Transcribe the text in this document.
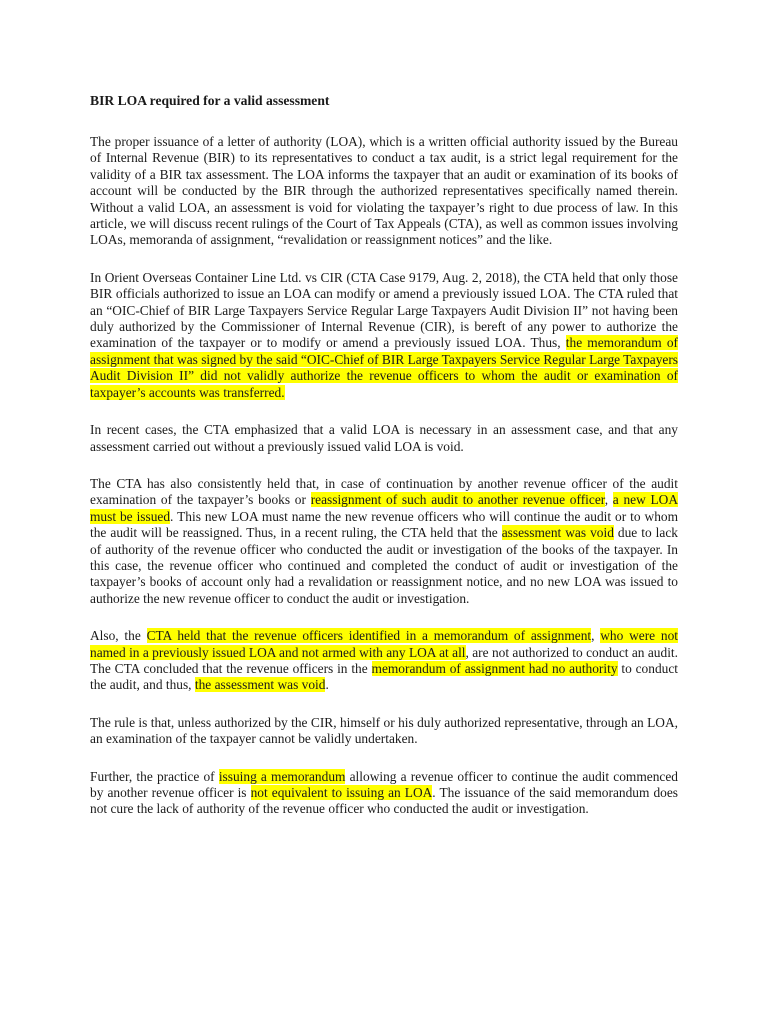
BIR LOA required for a valid assessment

The proper issuance of a letter of authority (LOA), which is a written official authority issued by the Bureau of Internal Revenue (BIR) to its representatives to conduct a tax audit, is a strict legal requirement for the validity of a BIR tax assessment. The LOA informs the taxpayer that an audit or examination of its books of account will be conducted by the BIR through the authorized representatives specifically named therein. Without a valid LOA, an assessment is void for violating the taxpayer’s right to due process of law. In this article, we will discuss recent rulings of the Court of Tax Appeals (CTA), as well as common issues involving LOAs, memoranda of assignment, “revalidation or reassignment notices” and the like.

In Orient Overseas Container Line Ltd. vs CIR (CTA Case 9179, Aug. 2, 2018), the CTA held that only those BIR officials authorized to issue an LOA can modify or amend a previously issued LOA. The CTA ruled that an “OIC-Chief of BIR Large Taxpayers Service Regular Large Taxpayers Audit Division II” not having been duly authorized by the Commissioner of Internal Revenue (CIR), is bereft of any power to authorize the examination of the taxpayer or to modify or amend a previously issued LOA. Thus, the memorandum of assignment that was signed by the said “OIC-Chief of BIR Large Taxpayers Service Regular Large Taxpayers Audit Division II” did not validly authorize the revenue officers to whom the audit or examination of taxpayer’s accounts was transferred.

In recent cases, the CTA emphasized that a valid LOA is necessary in an assessment case, and that any assessment carried out without a previously issued valid LOA is void.

The CTA has also consistently held that, in case of continuation by another revenue officer of the audit examination of the taxpayer’s books or reassignment of such audit to another revenue officer, a new LOA must be issued. This new LOA must name the new revenue officers who will continue the audit or to whom the audit will be reassigned. Thus, in a recent ruling, the CTA held that the assessment was void due to lack of authority of the revenue officer who conducted the audit or investigation of the books of the taxpayer. In this case, the revenue officer who continued and completed the conduct of audit or investigation of the taxpayer’s books of account only had a revalidation or reassignment notice, and no new LOA was issued to authorize the new revenue officer to conduct the audit or investigation.

Also, the CTA held that the revenue officers identified in a memorandum of assignment, who were not named in a previously issued LOA and not armed with any LOA at all, are not authorized to conduct an audit. The CTA concluded that the revenue officers in the memorandum of assignment had no authority to conduct the audit, and thus, the assessment was void.

The rule is that, unless authorized by the CIR, himself or his duly authorized representative, through an LOA, an examination of the taxpayer cannot be validly undertaken.

Further, the practice of issuing a memorandum allowing a revenue officer to continue the audit commenced by another revenue officer is not equivalent to issuing an LOA. The issuance of the said memorandum does not cure the lack of authority of the revenue officer who conducted the audit or investigation.
